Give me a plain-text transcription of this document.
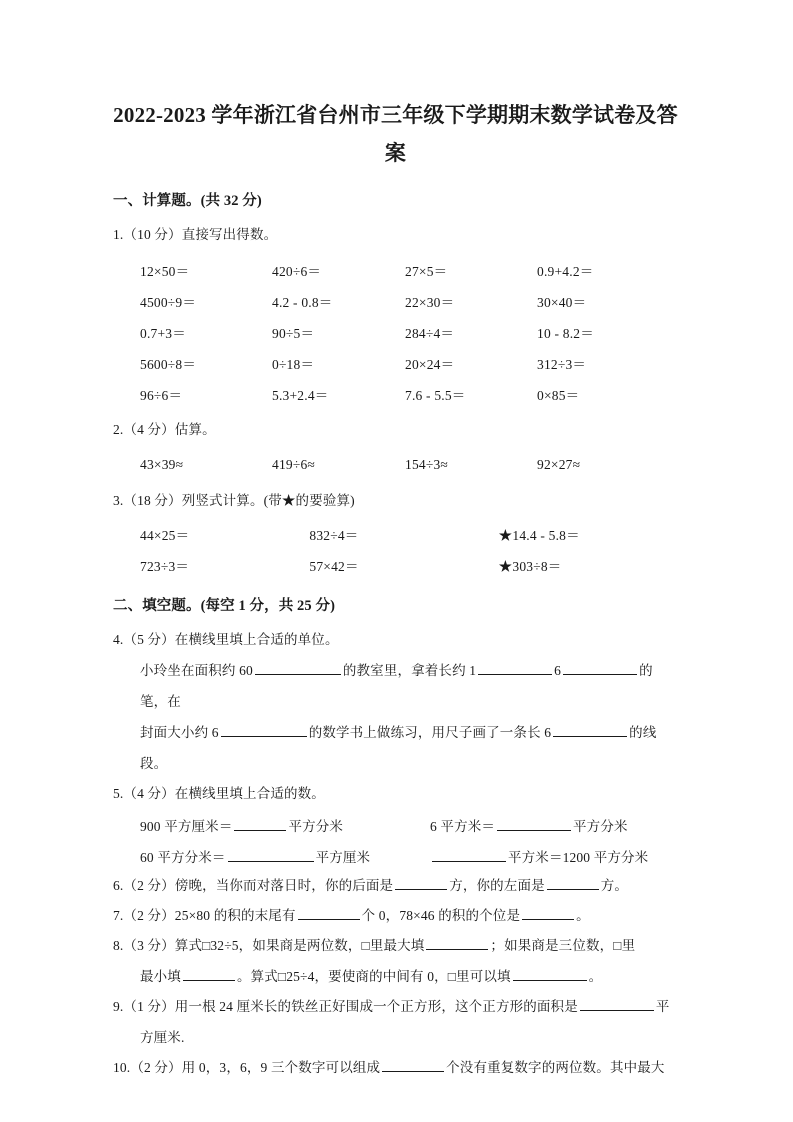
2022-2023 学年浙江省台州市三年级下学期期末数学试卷及答案
一、计算题。(共 32 分)
1.（10 分）直接写出得数。
12×50＝	420÷6＝	27×5＝	0.9+4.2＝
4500÷9＝	4.2 - 0.8＝	22×30＝	30×40＝
0.7+3＝	90÷5＝	284÷4＝	10 - 8.2＝
5600÷8＝	0÷18＝	20×24＝	312÷3＝
96÷6＝	5.3+2.4＝	7.6 - 5.5＝	0×85＝
2.（4 分）估算。
43×39≈	419÷6≈	154÷3≈	92×27≈
3.（18 分）列竖式计算。(带★的要验算)
44×25＝	832÷4＝	★14.4 - 5.8＝
723÷3＝	57×42＝	★303÷8＝
二、填空题。(每空 1 分，共 25 分)
4.（5 分）在横线里填上合适的单位。
小玲坐在面积约 60	的教室里，拿着长约 1	6	的笔，在
封面大小约 6	的数学书上做练习，用尺子画了一条长 6	的线段。
5.（4 分）在横线里填上合适的数。
900 平方厘米＝	平方分米	6 平方米＝	平方分米
60 平方分米＝	平方厘米	平方米＝1200 平方分米
6.（2 分）傍晚，当你而对落日时，你的后面是	方，你的左面是	方。
7.（2 分）25×80 的积的末尾有	个 0，78×46 的积的个位是	。
8.（3 分）算式□32÷5，如果商是两位数，□里最大填	；如果商是三位数，□里
最小填	。算式□25÷4，要使商的中间有 0，□里可以填	。
9.（1 分）用一根 24 厘米长的铁丝正好围成一个正方形，这个正方形的面积是	平
方厘米.
10.（2 分）用 0，3，6，9 三个数字可以组成	个没有重复数字的两位数。其中最大
